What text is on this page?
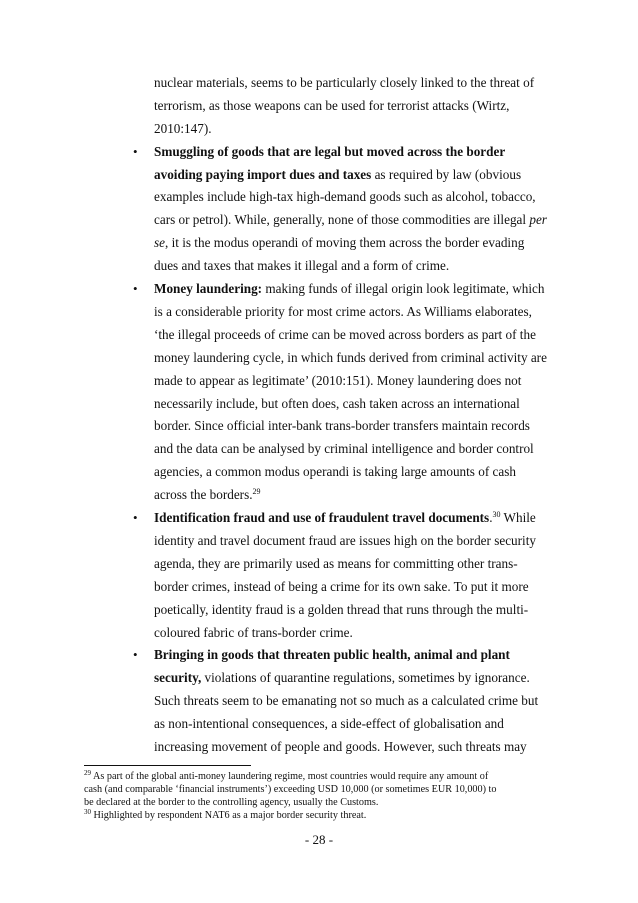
nuclear materials, seems to be particularly closely linked to the threat of
terrorism, as those weapons can be used for terrorist attacks (Wirtz,
2010:147).
• Smuggling of goods that are legal but moved across the border
avoiding paying import dues and taxes as required by law (obvious
examples include high-tax high-demand goods such as alcohol, tobacco,
cars or petrol). While, generally, none of those commodities are illegal per
se, it is the modus operandi of moving them across the border evading
dues and taxes that makes it illegal and a form of crime.
• Money laundering: making funds of illegal origin look legitimate, which
is a considerable priority for most crime actors. As Williams elaborates,
‘the illegal proceeds of crime can be moved across borders as part of the
money laundering cycle, in which funds derived from criminal activity are
made to appear as legitimate’ (2010:151). Money laundering does not
necessarily include, but often does, cash taken across an international
border. Since official inter-bank trans-border transfers maintain records
and the data can be analysed by criminal intelligence and border control
agencies, a common modus operandi is taking large amounts of cash
across the borders.$^{29}$
• Identification fraud and use of fraudulent travel documents.$^{30}$ While
identity and travel document fraud are issues high on the border security
agenda, they are primarily used as means for committing other trans-
border crimes, instead of being a crime for its own sake. To put it more
poetically, identity fraud is a golden thread that runs through the multi-
coloured fabric of trans-border crime.
• Bringing in goods that threaten public health, animal and plant
security, violations of quarantine regulations, sometimes by ignorance.
Such threats seem to be emanating not so much as a calculated crime but
as non-intentional consequences, a side-effect of globalisation and
increasing movement of people and goods. However, such threats may
$^{29}$ As part of the global anti-money laundering regime, most countries would require any amount of
cash (and comparable ‘financial instruments’) exceeding USD 10,000 (or sometimes EUR 10,000) to
be declared at the border to the controlling agency, usually the Customs.
$^{30}$ Highlighted by respondent NAT6 as a major border security threat.
- 28 -
